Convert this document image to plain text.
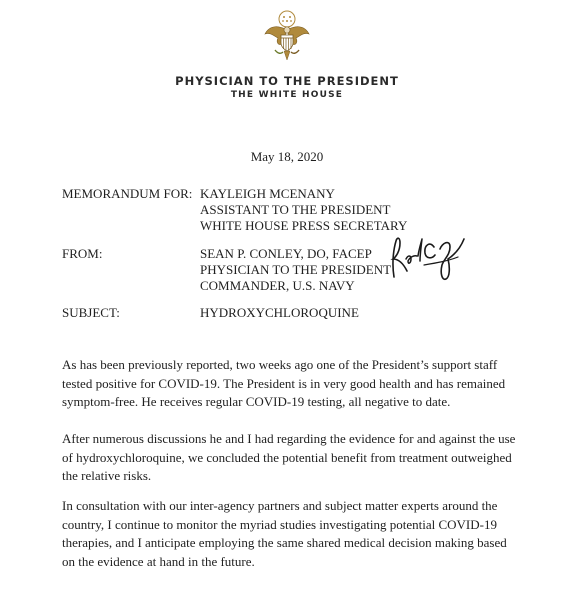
PHYSICIAN TO THE PRESIDENT
THE WHITE HOUSE
May 18, 2020
MEMORANDUM FOR: KAYLEIGH MCENANY
ASSISTANT TO THE PRESIDENT
WHITE HOUSE PRESS SECRETARY
FROM:	SEAN P. CONLEY, DO, FACEP
PHYSICIAN TO THE PRESIDENT
COMMANDER, U.S. NAVY
SUBJECT:	HYDROXYCHLOROQUINE

As has been previously reported, two weeks ago one of the President’s support staff tested positive for COVID-19. The President is in very good health and has remained symptom-free. He receives regular COVID-19 testing, all negative to date.

After numerous discussions he and I had regarding the evidence for and against the use of hydroxychloroquine, we concluded the potential benefit from treatment outweighed the relative risks.

In consultation with our inter-agency partners and subject matter experts around the country, I continue to monitor the myriad studies investigating potential COVID-19 therapies, and I anticipate employing the same shared medical decision making based on the evidence at hand in the future.
